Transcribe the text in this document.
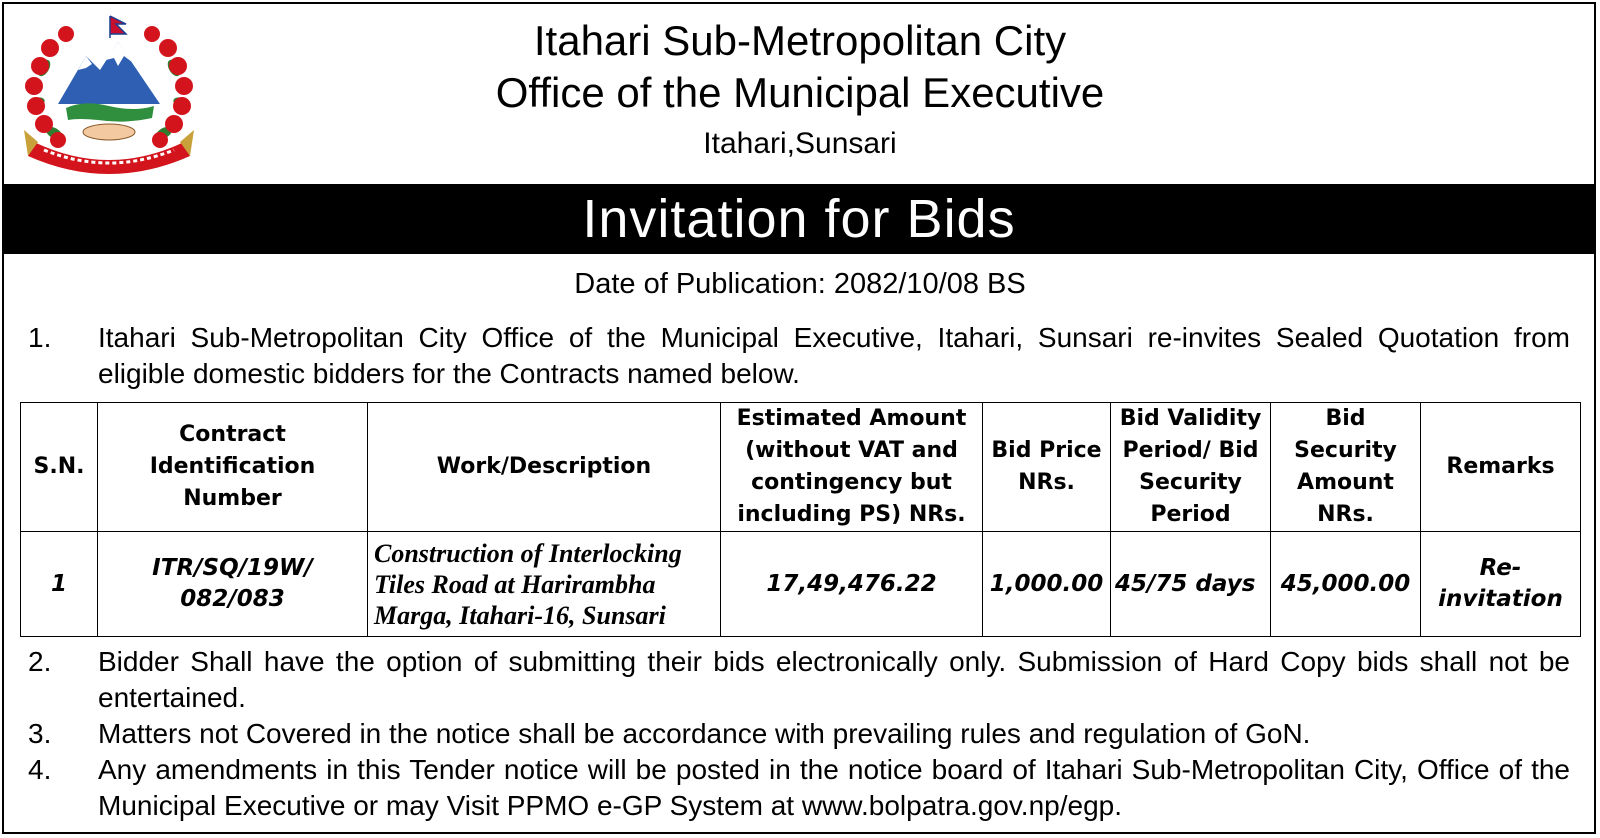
Itahari Sub-Metropolitan City
Office of the Municipal Executive
Itahari,Sunsari
Invitation for Bids
Date of Publication: 2082/10/08 BS
1.	Itahari Sub-Metropolitan City Office of the Municipal Executive, Itahari, Sunsari re-invites Sealed Quotation from eligible domestic bidders for the Contracts named below.
S.N.	Contract Identification Number	Work/Description	Estimated Amount (without VAT and contingency but including PS) NRs.	Bid Price NRs.	Bid Validity Period/ Bid Security Period	Bid Security Amount NRs.	Remarks
1	ITR/SQ/19W/ 082/083	Construction of Interlocking Tiles Road at Harirambha Marga, Itahari-16, Sunsari	17,49,476.22	1,000.00	45/75 days	45,000.00	Re-invitation
2.	Bidder Shall have the option of submitting their bids electronically only. Submission of Hard Copy bids shall not be entertained.
3.	Matters not Covered in the notice shall be accordance with prevailing rules and regulation of GoN.
4.	Any amendments in this Tender notice will be posted in the notice board of Itahari Sub-Metropolitan City, Office of the Municipal Executive or may Visit PPMO e-GP System at www.bolpatra.gov.np/egp.
